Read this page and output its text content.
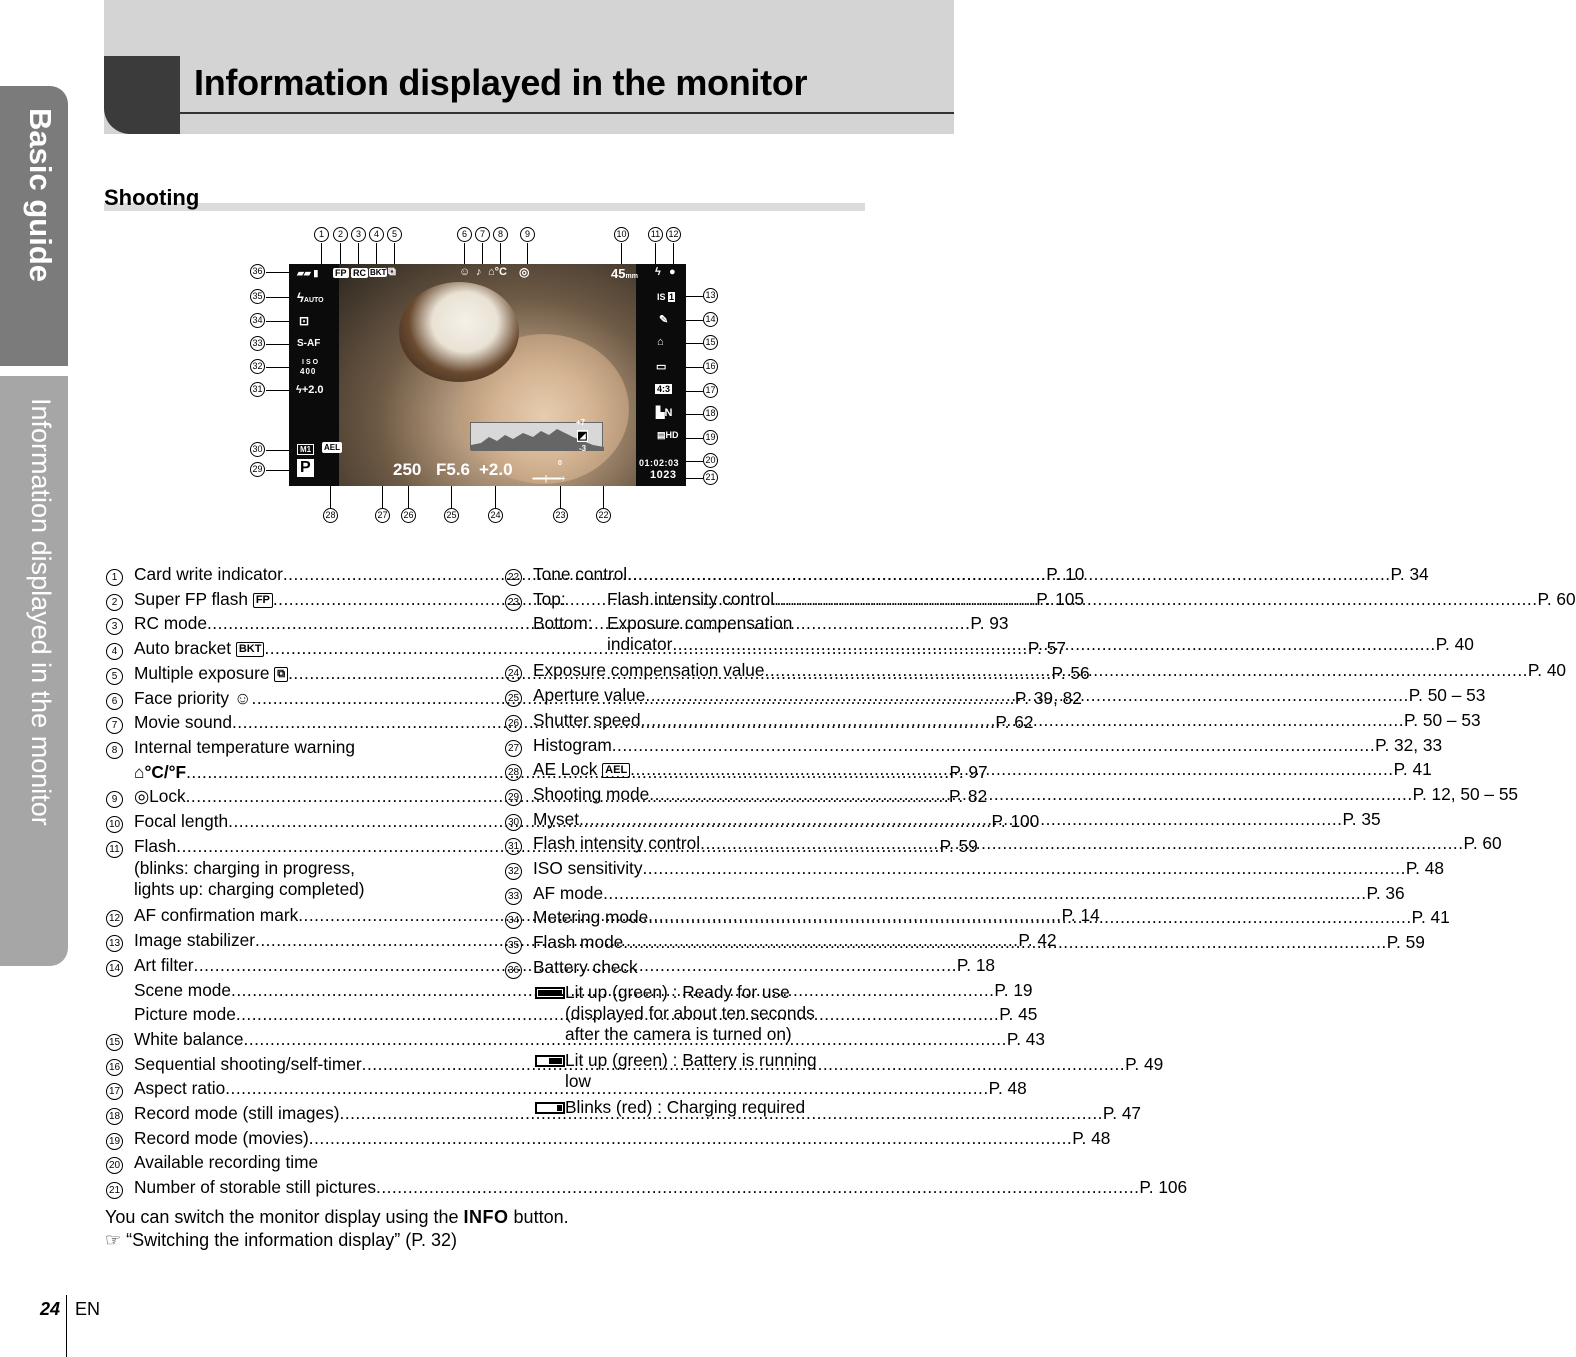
Basic guide
Information displayed in the monitor
Information displayed in the monitor
Shooting
1	2	3	4	5	6	7	8	9	10	11 12
36
35
34
33
32
31
30
29
13
14
15
16
17
18
19
20
21
28	27 26	25	24	23	22
▰▰ ▮ FP RC BKT ⧉	☺ ♪ ⌂°C ◎	45mm ϟ ●
ϟAUTO
⊡
S-AF
ISO
400
ϟ+2.0
M1	AEL
P	250 F5.6 +2.0 ▪▪▪▪▪▪▪|▪▪▪▪▪▪▪▪+
0
+7
◩
-3
IS 1
✎
⌂
▭
4:3
▙N
▤HD
01:02:03
1023
1 Card write indicator .....	P. 10
2 Super FP flash FP .....	P. 105
3 RC mode .....	P. 93
4 Auto bracket BKT .....	P. 57
5 Multiple exposure ⧉ .....	P. 56
6 Face priority ☺ .....	P. 39, 82
7 Movie sound .....	P. 62
8 Internal temperature warning
⌂°C/°F .....	P. 97
9 ◎Lock .....	P. 82
10 Focal length .....	P. 100
11 Flash .....	P. 59
(blinks: charging in progress,
lights up: charging completed)
12 AF confirmation mark .....	P. 14
13 Image stabilizer .....	P. 42
14 Art filter .....	P. 18
Scene mode .....	P. 19
Picture mode .....	P. 45
15 White balance .....	P. 43
16 Sequential shooting/self-timer .....	P. 49
17 Aspect ratio .....	P. 48
18 Record mode (still images) .....	P. 47
19 Record mode (movies) .....	P. 48
20 Available recording time
21 Number of storable still pictures .....	P. 106
22 Tone control .....	P. 34
23 Top:	Flash intensity control .....	P. 60
Bottom: Exposure compensation
indicator .....	P. 40
24 Exposure compensation value .....	P. 40
25 Aperture value .....	P. 50 – 53
26 Shutter speed .....	P. 50 – 53
27 Histogram .....	P. 32, 33
28 AE Lock AEL .....	P. 41
29 Shooting mode .....	P. 12, 50 – 55
30 Myset .....	P. 35
31 Flash intensity control .....	P. 60
32 ISO sensitivity .....	P. 48
33 AF mode .....	P. 36
34 Metering mode .....	P. 41
35 Flash mode .....	P. 59
36 Battery check
Lit up (green) : Ready for use
(displayed for about ten seconds
after the camera is turned on)
Lit up (green) : Battery is running
low
Blinks (red) : Charging required
You can switch the monitor display using the INFO button.
☞ “Switching the information display” (P. 32)
24 EN
